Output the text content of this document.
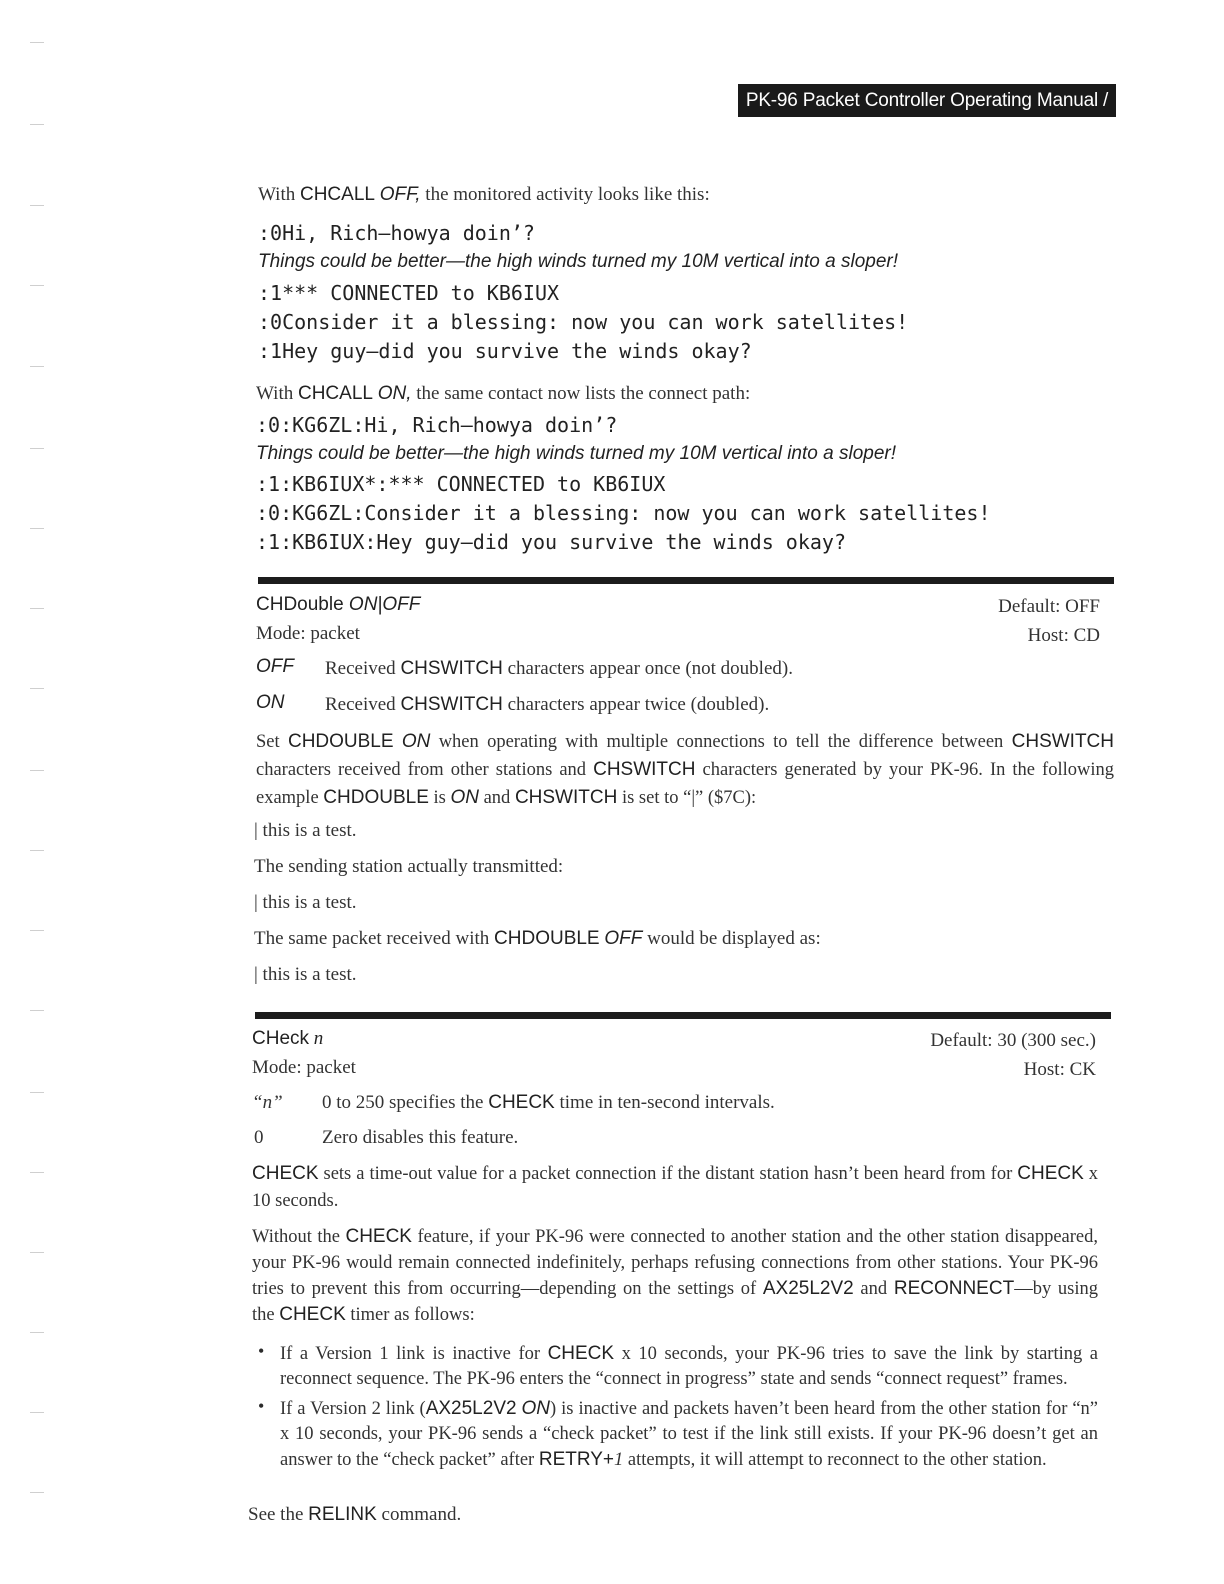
PK-96 Packet Controller Operating Manual / 35
With CHCALL OFF, the monitored activity looks like this:
:0Hi, Rich–howya doin’?
Things could be better—the high winds turned my 10M vertical into a sloper!
:1*** CONNECTED to KB6IUX
:0Consider it a blessing: now you can work satellites!
:1Hey guy–did you survive the winds okay?
With CHCALL ON, the same contact now lists the connect path:
:0:KG6ZL:Hi, Rich–howya doin’?
Things could be better—the high winds turned my 10M vertical into a sloper!
:1:KB6IUX*:*** CONNECTED to KB6IUX
:0:KG6ZL:Consider it a blessing: now you can work satellites!
:1:KB6IUX:Hey guy–did you survive the winds okay?
CHDouble ON|OFF	Default: OFF
Mode: packet	Host: CD
OFF Received CHSWITCH characters appear once (not doubled).
ON Received CHSWITCH characters appear twice (doubled).
Set CHDOUBLE ON when operating with multiple connections to tell the difference between CHSWITCH characters received from other stations and CHSWITCH characters generated by your PK-96. In the following example CHDOUBLE is ON and CHSWITCH is set to “|” ($7C):
| this is a test.
The sending station actually transmitted:
| this is a test.
The same packet received with CHDOUBLE OFF would be displayed as:
| this is a test.
CHeck n	Default: 30 (300 sec.)
Mode: packet	Host: CK
“n” 0 to 250 specifies the CHECK time in ten-second intervals.
0	Zero disables this feature.
CHECK sets a time-out value for a packet connection if the distant station hasn’t been heard from for CHECK x 10 seconds.
Without the CHECK feature, if your PK-96 were connected to another station and the other station disappeared, your PK-96 would remain connected indefinitely, perhaps refusing connections from other stations. Your PK-96 tries to prevent this from occurring—depending on the settings of AX25L2V2 and RECONNECT—by using the CHECK timer as follows:
• If a Version 1 link is inactive for CHECK x 10 seconds, your PK-96 tries to save the link by starting a reconnect sequence. The PK-96 enters the “connect in progress” state and sends “connect request” frames.
• If a Version 2 link (AX25L2V2 ON) is inactive and packets haven’t been heard from the other station for “n” x 10 seconds, your PK-96 sends a “check packet” to test if the link still exists. If your PK-96 doesn’t get an answer to the “check packet” after RETRY+1 attempts, it will attempt to reconnect to the other station.
See the RELINK command.
